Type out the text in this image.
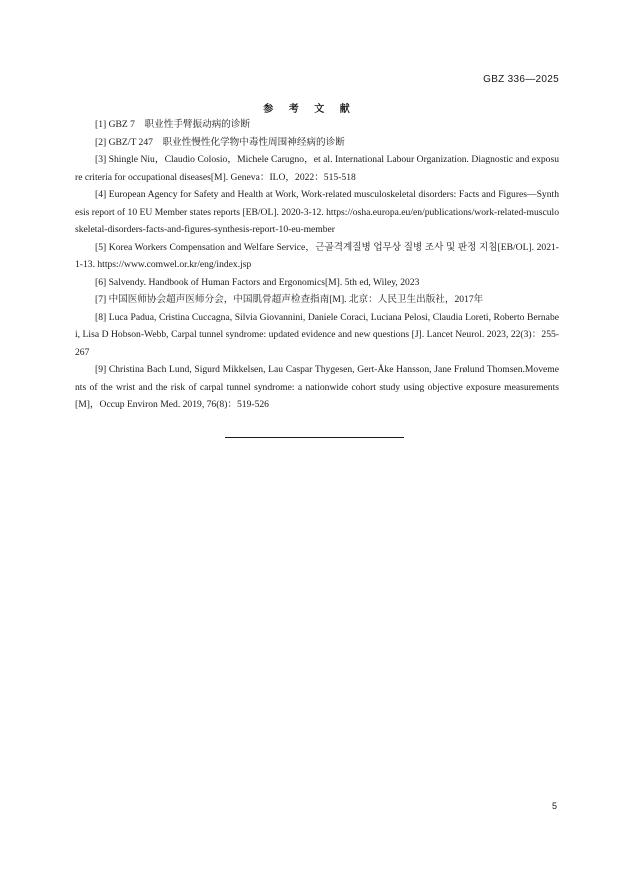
GBZ 336—2025
参 考 文 献

[1] GBZ 7　职业性手臂振动病的诊断

[2] GBZ/T 247　职业性慢性化学物中毒性周围神经病的诊断

[3] Shingle Niu，Claudio Colosio，Michele Carugno，et al. International Labour Organization. Diagnostic and exposure criteria for occupational diseases[M]. Geneva：ILO，2022：515-518

[4] European Agency for Safety and Health at Work, Work-related musculoskeletal disorders: Facts and Figures—Synthesis report of 10 EU Member states reports [EB/OL]. 2020-3-12. https://osha.europa.eu/en/publications/work-related-musculoskeletal-disorders-facts-and-figures-synthesis-report-10-eu-member

[5] Korea Workers Compensation and Welfare Service，근골격계질병 업무상 질병 조사 및 판정 지침[EB/OL]. 2021-1-13. https://www.comwel.or.kr/eng/index.jsp

[6] Salvendy. Handbook of Human Factors and Ergonomics[M]. 5th ed, Wiley, 2023

[7] 中国医师协会超声医师分会，中国肌骨超声检查指南[M]. 北京：人民卫生出版社，2017年

[8] Luca Padua, Cristina Cuccagna, Silvia Giovannini, Daniele Coraci, Luciana Pelosi, Claudia Loreti, Roberto Bernabei, Lisa D Hobson-Webb, Carpal tunnel syndrome: updated evidence and new questions [J]. Lancet Neurol. 2023, 22(3)：255-267

[9] Christina Bach Lund, Sigurd Mikkelsen, Lau Caspar Thygesen, Gert-Åke Hansson, Jane Frølund Thomsen.Movements of the wrist and the risk of carpal tunnel syndrome: a nationwide cohort study using objective exposure measurements [M]，Occup Environ Med. 2019, 76(8)：519-526

5
